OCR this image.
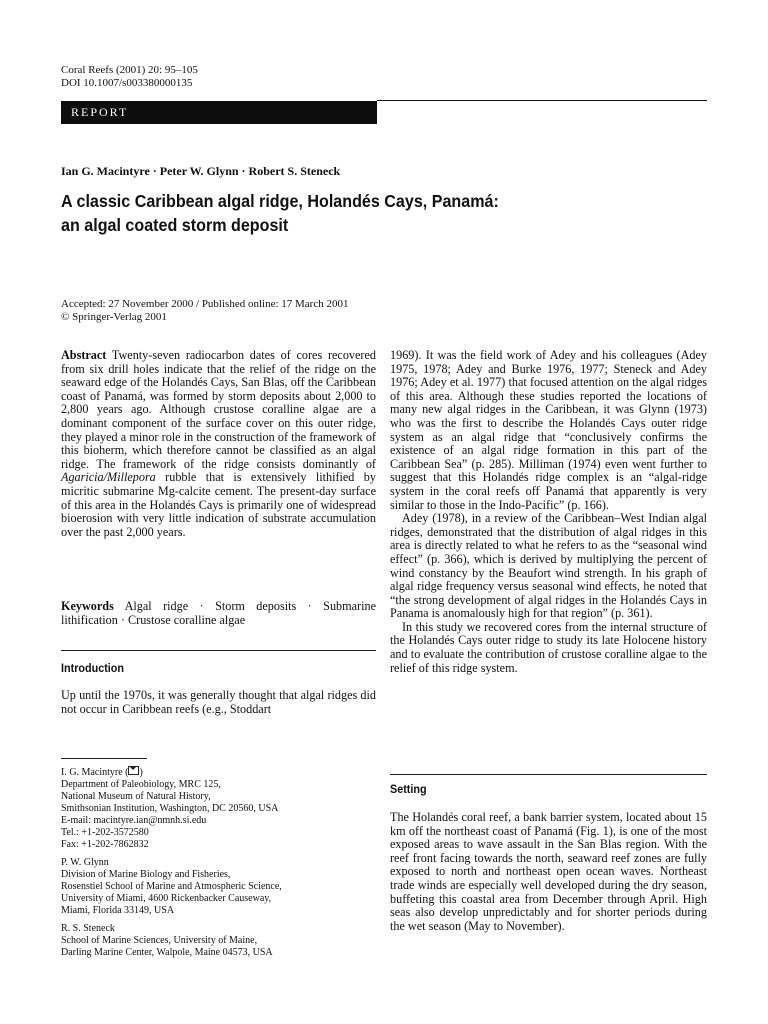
Coral Reefs (2001) 20: 95–105
DOI 10.1007/s003380000135
REPORT
Ian G. Macintyre · Peter W. Glynn · Robert S. Steneck
A classic Caribbean algal ridge, Holandés Cays, Panamá:
an algal coated storm deposit
Accepted: 27 November 2000 / Published online: 17 March 2001
© Springer-Verlag 2001
Abstract Twenty-seven radiocarbon dates of cores recovered from six drill holes indicate that the relief of the ridge on the seaward edge of the Holandés Cays, San Blas, off the Caribbean coast of Panamá, was formed by storm deposits about 2,000 to 2,800 years ago. Although crustose coralline algae are a dominant component of the surface cover on this outer ridge, they played a minor role in the construction of the framework of this bioherm, which therefore cannot be classified as an algal ridge. The framework of the ridge consists dominantly of Agaricia/Millepora rubble that is extensively lithified by micritic submarine Mg-calcite cement. The present-day surface of this area in the Holandés Cays is primarily one of widespread bioerosion with very little indication of substrate accumulation over the past 2,000 years.
Keywords Algal ridge · Storm deposits · Submarine lithification · Crustose coralline algae
Introduction
Up until the 1970s, it was generally thought that algal ridges did not occur in Caribbean reefs (e.g., Stoddart

I. G. Macintyre ( )
Department of Paleobiology, MRC 125,
National Museum of Natural History,
Smithsonian Institution, Washington, DC 20560, USA
E-mail: macintyre.ian@nmnh.si.edu
Tel.: +1-202-3572580
Fax: +1-202-7862832

P. W. Glynn
Division of Marine Biology and Fisheries,
Rosenstiel School of Marine and Atmospheric Science,
University of Miami, 4600 Rickenbacker Causeway,
Miami, Florida 33149, USA

R. S. Steneck
School of Marine Sciences, University of Maine,
Darling Marine Center, Walpole, Maine 04573, USA

1969). It was the field work of Adey and his colleagues (Adey 1975, 1978; Adey and Burke 1976, 1977; Steneck and Adey 1976; Adey et al. 1977) that focused attention on the algal ridges of this area. Although these studies reported the locations of many new algal ridges in the Caribbean, it was Glynn (1973) who was the first to describe the Holandés Cays outer ridge system as an algal ridge that “conclusively confirms the existence of an algal ridge formation in this part of the Caribbean Sea” (p. 285). Milliman (1974) even went further to suggest that this Holandés ridge complex is an “algal-ridge system in the coral reefs off Panamá that apparently is very similar to those in the Indo-Pacific” (p. 166).

Adey (1978), in a review of the Caribbean–West Indian algal ridges, demonstrated that the distribution of algal ridges in this area is directly related to what he refers to as the “seasonal wind effect” (p. 366), which is derived by multiplying the percent of wind constancy by the Beaufort wind strength. In his graph of algal ridge frequency versus seasonal wind effects, he noted that “the strong development of algal ridges in the Holandés Cays in Panama is anomalously high for that region” (p. 361).

In this study we recovered cores from the internal structure of the Holandés Cays outer ridge to study its late Holocene history and to evaluate the contribution of crustose coralline algae to the relief of this ridge system.

Setting
The Holandés coral reef, a bank barrier system, located about 15 km off the northeast coast of Panamá (Fig. 1), is one of the most exposed areas to wave assault in the San Blas region. With the reef front facing towards the north, seaward reef zones are fully exposed to north and northeast open ocean waves. Northeast trade winds are especially well developed during the dry season, buffeting this coastal area from December through April. High seas also develop unpredictably and for shorter periods during the wet season (May to November).
